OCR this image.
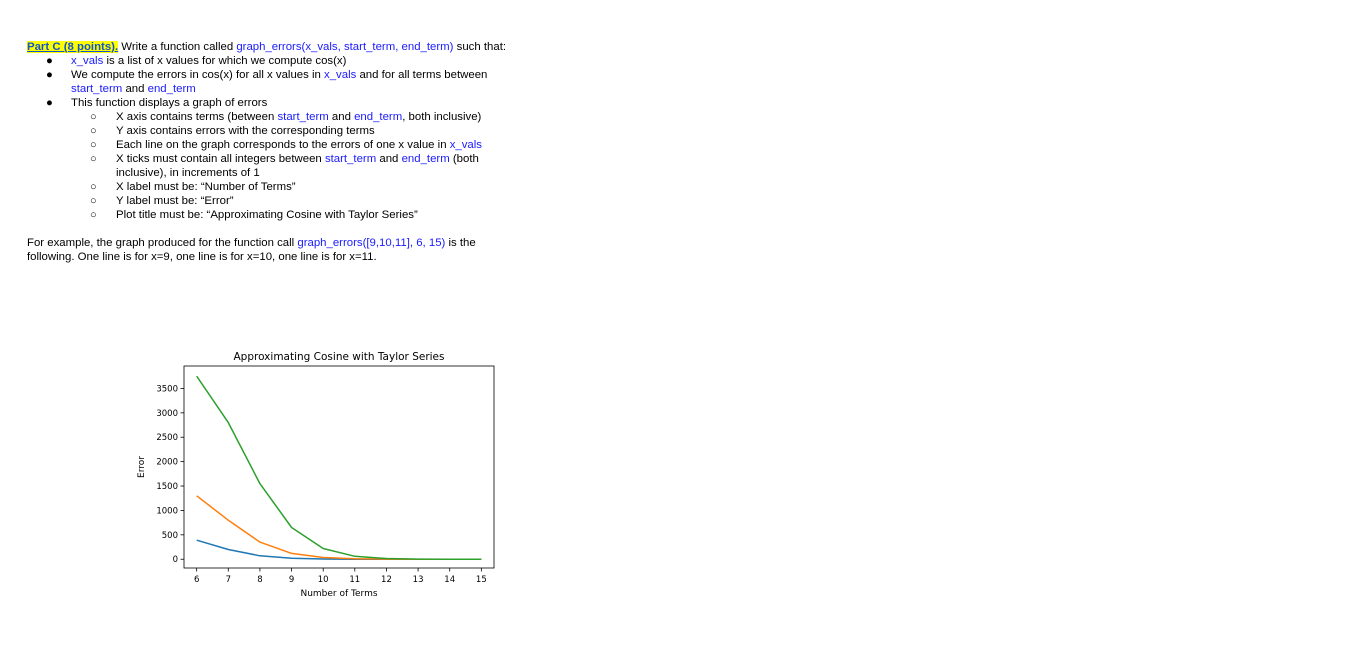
Part C (8 points). Write a function called graph_errors(x_vals, start_term, end_term) such that:

● x_vals is a list of x values for which we compute cos(x)
● We compute the errors in cos(x) for all x values in x_vals and for all terms between
start_term and end_term
● This function displays a graph of errors
○ X axis contains terms (between start_term and end_term, both inclusive)
○ Y axis contains errors with the corresponding terms
○ Each line on the graph corresponds to the errors of one x value in x_vals
○ X ticks must contain all integers between start_term and end_term (both
inclusive), in increments of 1
○ X label must be: “Number of Terms”
○ Y label must be: “Error”
○ Plot title must be: “Approximating Cosine with Taylor Series”

For example, the graph produced for the function call graph_errors([9,10,11], 6, 15) is the
following. One line is for x=9, one line is for x=10, one line is for x=11.

6	7	8	9	10 11 12 13 14 15
0
500
1000
1500
2000
2500
3000
3500
Approximating Cosine with Taylor Series
Number of Terms
Error
